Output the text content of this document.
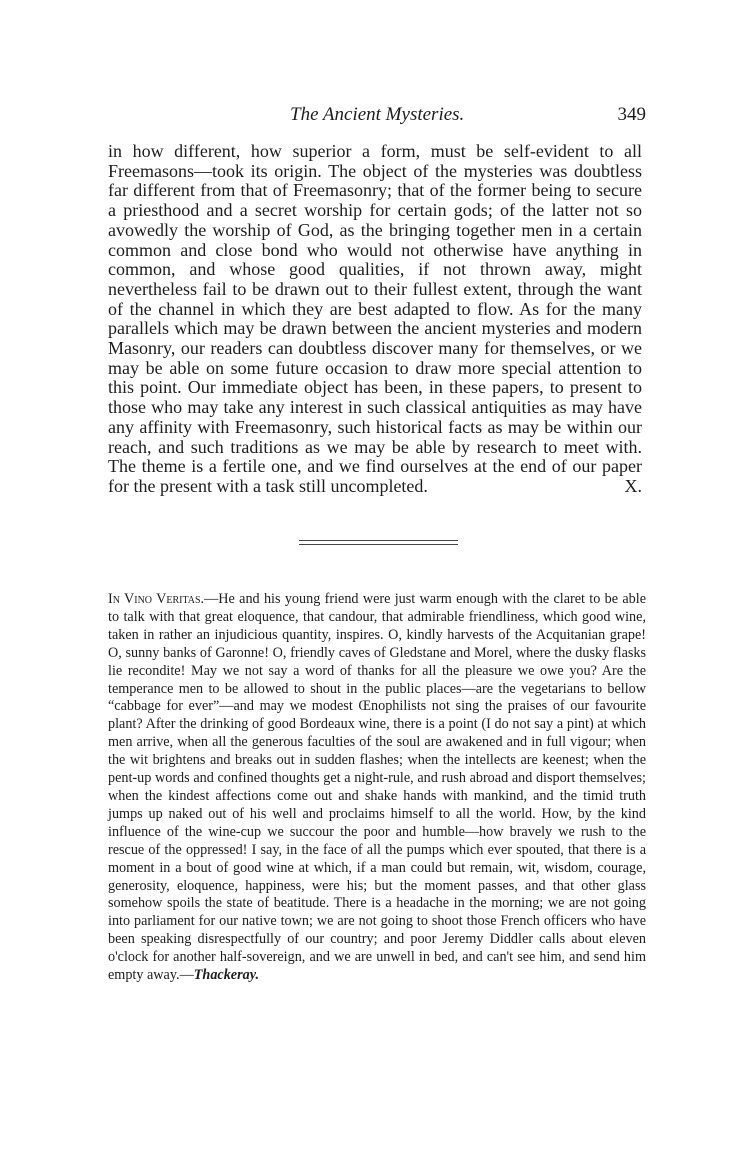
The Ancient Mysteries.	349
in how different, how superior a form, must be self-evident to all Freemasons—took its origin. The object of the mysteries was doubtless far different from that of Freemasonry; that of the former being to secure a priesthood and a secret worship for certain gods; of the latter not so avowedly the worship of God, as the bringing together men in a certain common and close bond who would not otherwise have anything in common, and whose good qualities, if not thrown away, might nevertheless fail to be drawn out to their fullest extent, through the want of the channel in which they are best adapted to flow. As for the many parallels which may be drawn between the ancient mysteries and modern Masonry, our readers can doubtless discover many for themselves, or we may be able on some future occasion to draw more special attention to this point. Our immediate object has been, in these papers, to present to those who may take any interest in such classical antiquities as may have any affinity with Freemasonry, such historical facts as may be within our reach, and such traditions as we may be able by research to meet with. The theme is a fertile one, and we find ourselves at the end of our paper for the present with a task still uncompleted.	X.

In Vino Veritas.—He and his young friend were just warm enough with the claret to be able to talk with that great eloquence, that candour, that admirable friendliness, which good wine, taken in rather an injudicious quantity, inspires. O, kindly harvests of the Acquitanian grape! O, sunny banks of Garonne! O, friendly caves of Gledstane and Morel, where the dusky flasks lie recondite! May we not say a word of thanks for all the pleasure we owe you? Are the temperance men to be allowed to shout in the public places—are the vegetarians to bellow “cabbage for ever”—and may we modest Œnophilists not sing the praises of our favourite plant? After the drinking of good Bordeaux wine, there is a point (I do not say a pint) at which men arrive, when all the generous faculties of the soul are awakened and in full vigour; when the wit brightens and breaks out in sudden flashes; when the intellects are keenest; when the pent-up words and confined thoughts get a night-rule, and rush abroad and disport themselves; when the kindest affections come out and shake hands with mankind, and the timid truth jumps up naked out of his well and proclaims himself to all the world. How, by the kind influence of the wine-cup we succour the poor and humble—how bravely we rush to the rescue of the oppressed! I say, in the face of all the pumps which ever spouted, that there is a moment in a bout of good wine at which, if a man could but remain, wit, wisdom, courage, generosity, eloquence, happiness, were his; but the moment passes, and that other glass somehow spoils the state of beatitude. There is a headache in the morning; we are not going into parliament for our native town; we are not going to shoot those French officers who have been speaking disrespectfully of our country; and poor Jeremy Diddler calls about eleven o'clock for another half-sovereign, and we are unwell in bed, and can't see him, and send him empty away.—Thackeray.
